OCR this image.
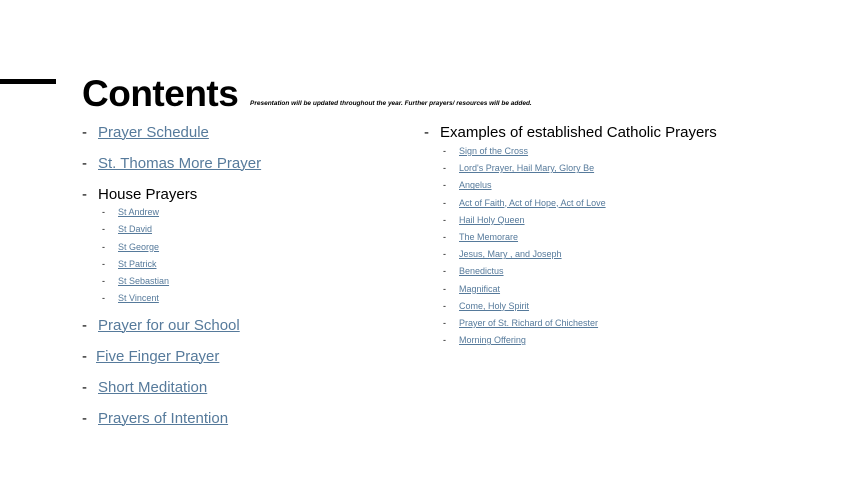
Contents Presentation will be updated throughout the year. Further prayers/ resources will be added.
- Prayer Schedule
- St. Thomas More Prayer
- House Prayers
-	St Andrew
-	St David
-	St George
-	St Patrick
-	St Sebastian
-	St Vincent
- Prayer for our School
- Five Finger Prayer
- Short Meditation
- Prayers of Intention
- Examples of established Catholic Prayers
-	Sign of the Cross
-	Lord's Prayer, Hail Mary, Glory Be
-	Angelus
-	Act of Faith, Act of Hope, Act of Love
-	Hail Holy Queen
-	The Memorare
-	Jesus, Mary , and Joseph
-	Benedictus
-	Magnificat
-	Come, Holy Spirit
-	Prayer of St. Richard of Chichester
-	Morning Offering
